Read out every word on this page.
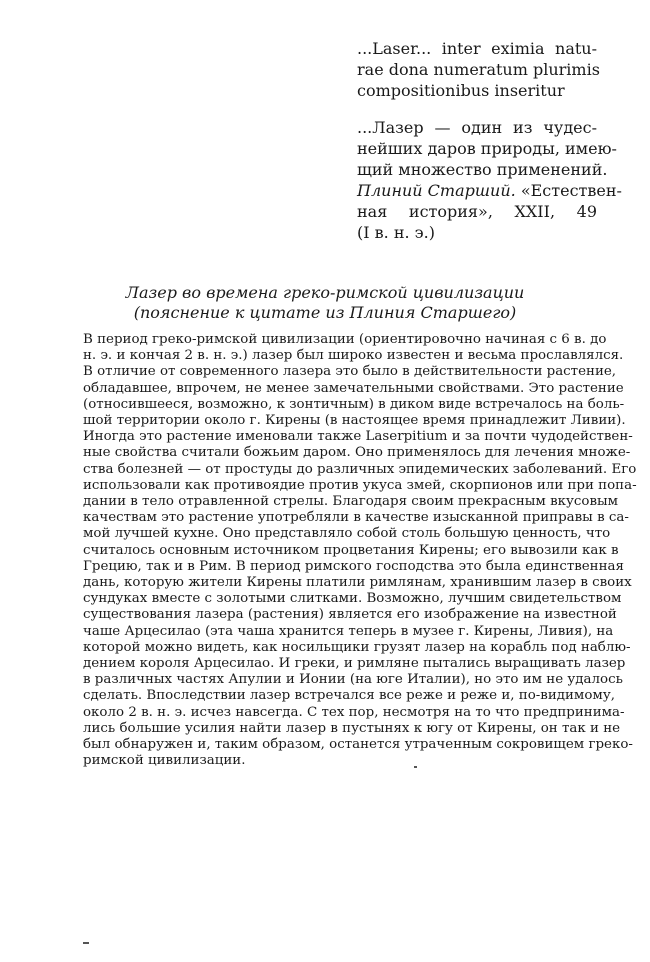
...Laser... inter eximia natu-
rae dona numeratum plurimis
compositionibus inseritur
...Лазер — один из чудес-
нейших даров природы, имею-
щий множество применений.
Плиний Старший. «Естествен-
ная история», XXII, 49
(I в. н. э.)
Лазер во времена греко-римской цивилизации
(пояснение к цитате из Плиния Старшего)
В период греко-римской цивилизации (ориентировочно начиная с 6 в. до
н. э. и кончая 2 в. н. э.) лазер был широко известен и весьма прославлялся.
В отличие от современного лазера это было в действительности растение,
обладавшее, впрочем, не менее замечательными свойствами. Это растение
(относившееся, возможно, к зонтичным) в диком виде встречалось на боль-
шой территории около г. Кирены (в настоящее время принадлежит Ливии).
Иногда это растение именовали также Laserpitium и за почти чудодействен-
ные свойства считали божьим даром. Оно применялось для лечения множе-
ства болезней — от простуды до различных эпидемических заболеваний. Его
использовали как противоядие против укуса змей, скорпионов или при попа-
дании в тело отравленной стрелы. Благодаря своим прекрасным вкусовым
качествам это растение употребляли в качестве изысканной приправы в са-
мой лучшей кухне. Оно представляло собой столь большую ценность, что
считалось основным источником процветания Кирены; его вывозили как в
Грецию, так и в Рим. В период римского господства это была единственная
дань, которую жители Кирены платили римлянам, хранившим лазер в своих
сундуках вместе с золотыми слитками. Возможно, лучшим свидетельством
существования лазера (растения) является его изображение на известной
чаше Арцесилао (эта чаша хранится теперь в музее г. Кирены, Ливия), на
которой можно видеть, как носильщики грузят лазер на корабль под наблю-
дением короля Арцесилао. И греки, и римляне пытались выращивать лазер
в различных частях Апулии и Ионии (на юге Италии), но это им не удалось
сделать. Впоследствии лазер встречался все реже и реже и, по-видимому,
около 2 в. н. э. исчез навсегда. С тех пор, несмотря на то что предпринима-
лись большие усилия найти лазер в пустынях к югу от Кирены, он так и не
был обнаружен и, таким образом, останется утраченным сокровищем греко-
римской цивилизации.
